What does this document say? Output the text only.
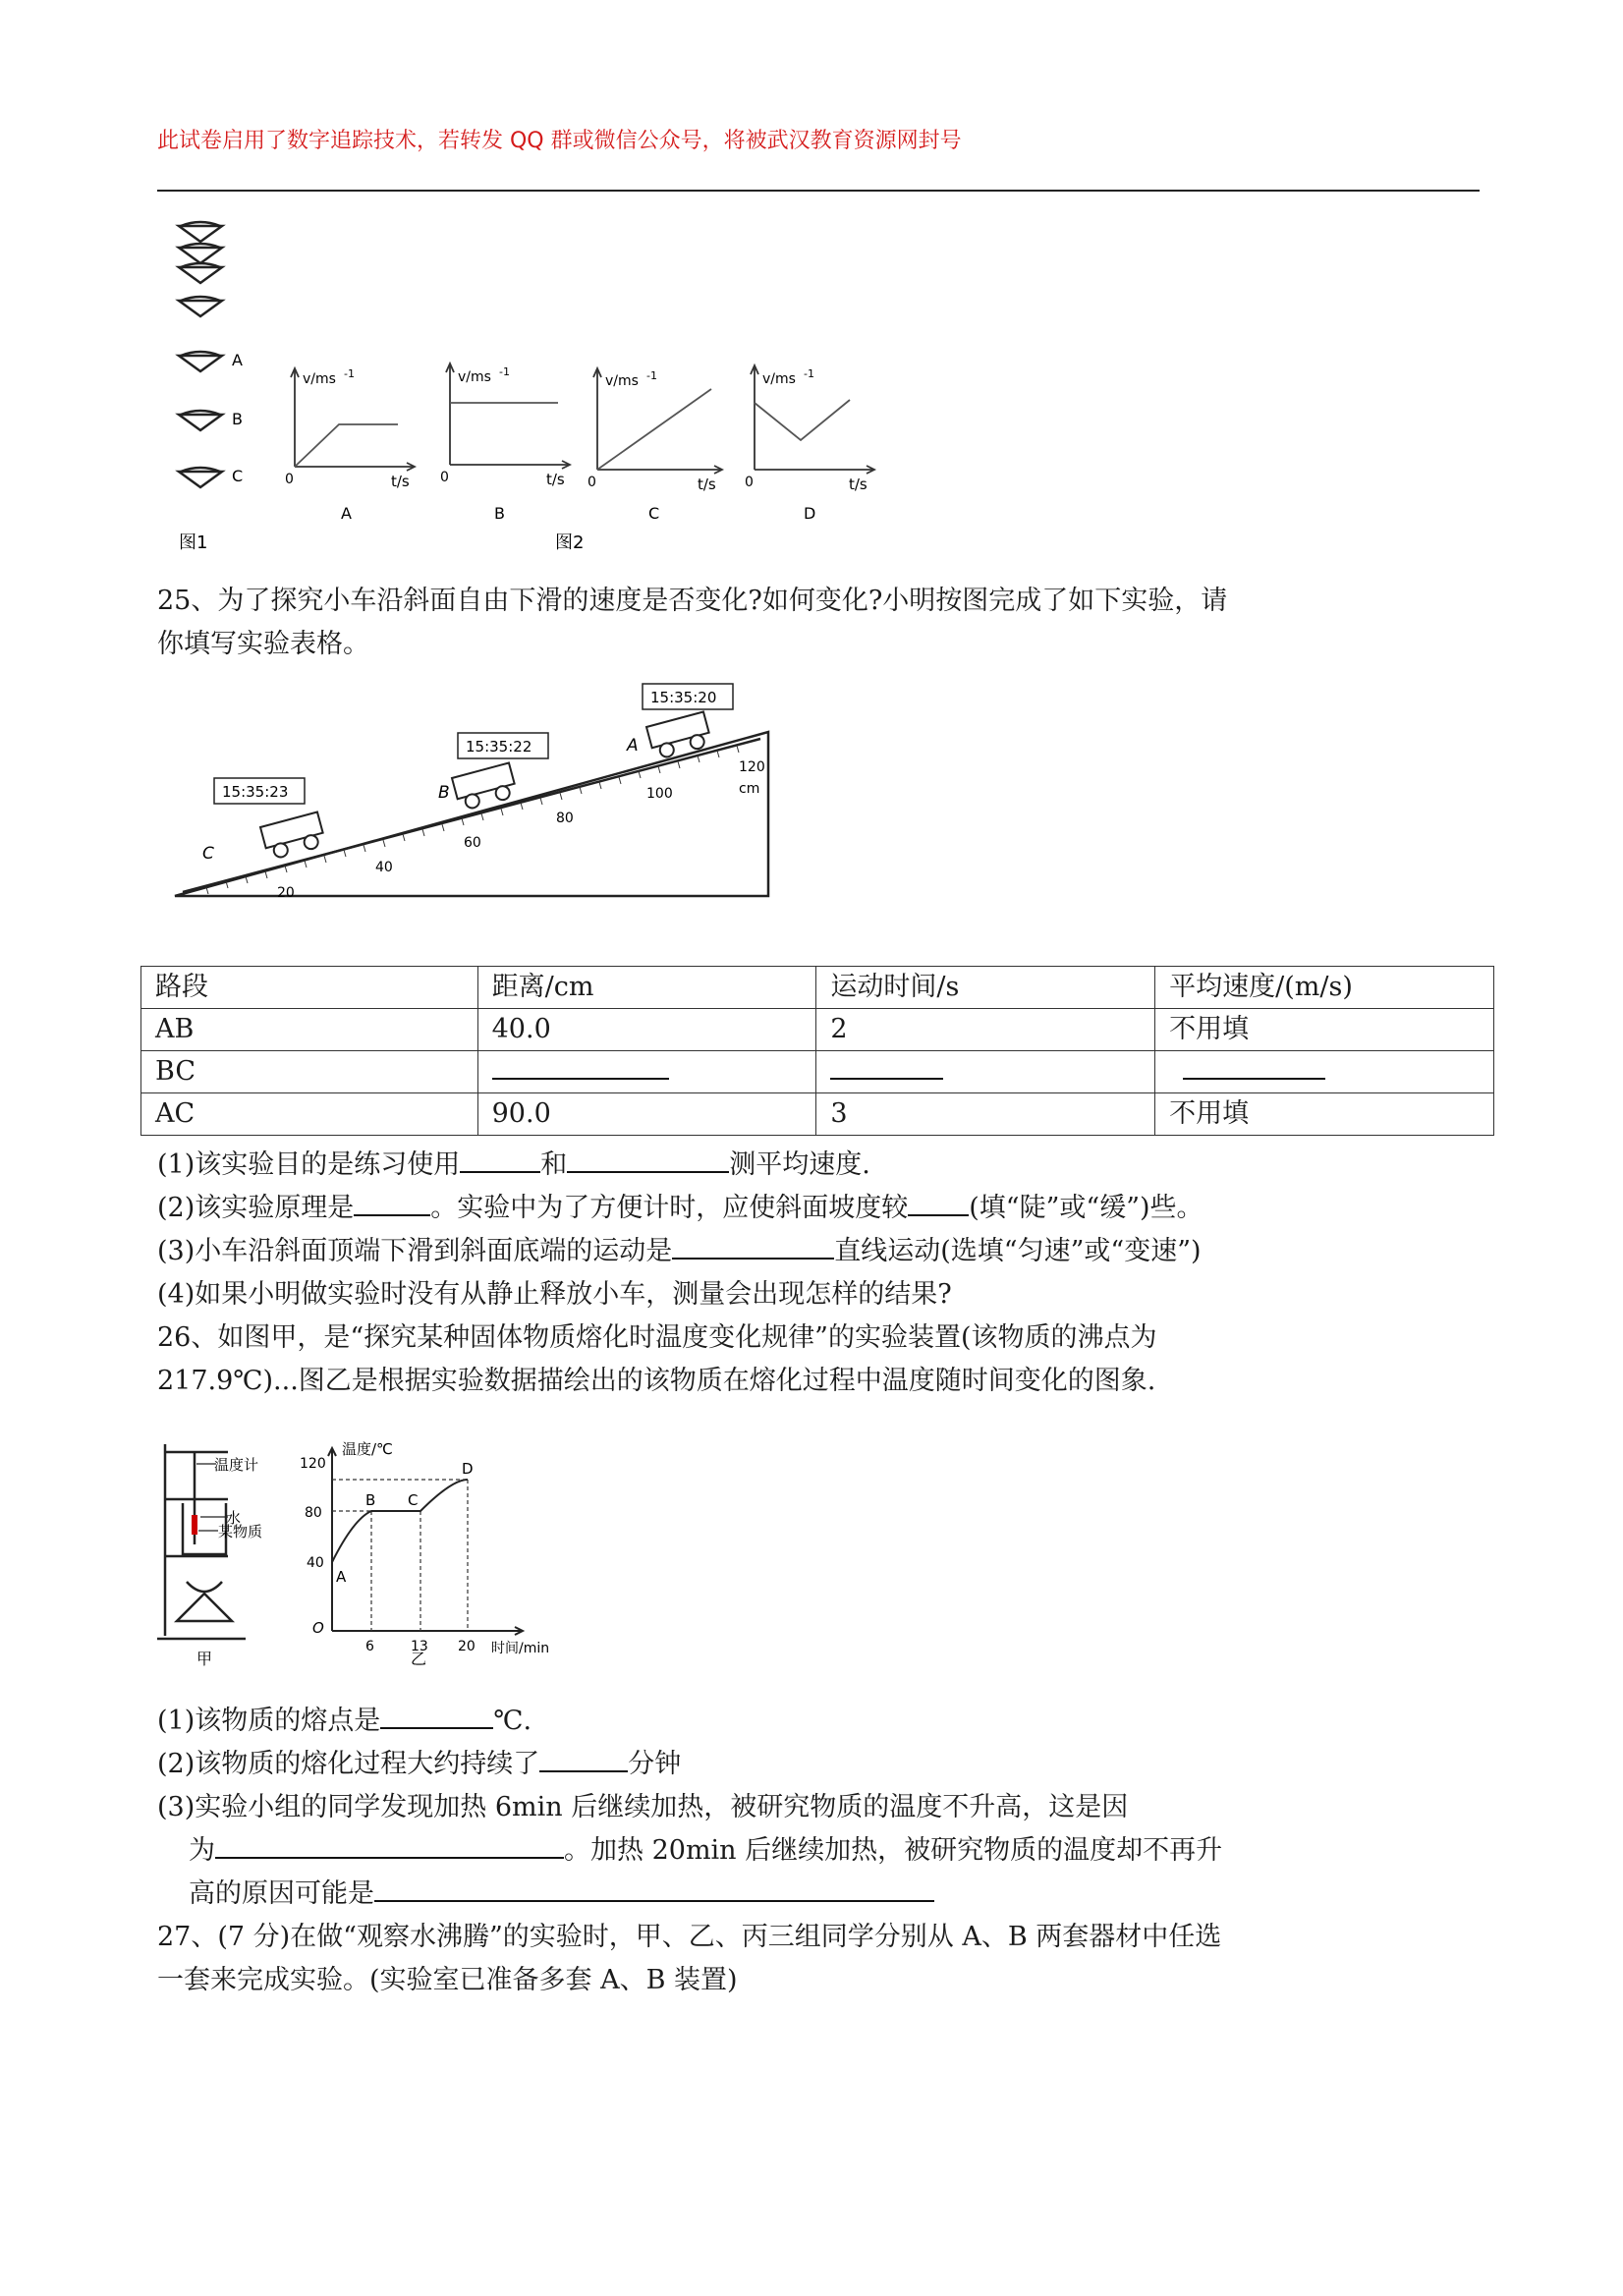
此试卷启用了数字追踪技术，若转发 QQ 群或微信公众号，将被武汉教育资源网封号
A
B
C
图1
v/ms -1
t/s
0
A
v/ms -1
t/s
0
B
v/ms -1
t/s
0
C
v/ms -1
t/s
0
D
图2
25、为了探究小车沿斜面自由下滑的速度是否变化?如何变化?小明按图完成了如下实验，请
你填写实验表格。
20
40
60
80
100
120
cm
C
15:35:23	B
15:35:22	A
15:35:20
路段	距离/cm	运动时间/s	平均速度/(m/s)
AB	40.0	2	不用填
BC			
AC	90.0	3	不用填
(1)该实验目的是练习使用	和	测平均速度.
(2)该实验原理是	。实验中为了方便计时，应使斜面坡度较 (填“陡”或“缓”)些。
(3)小车沿斜面顶端下滑到斜面底端的运动是	直线运动(选填“匀速”或“变速”)
(4)如果小明做实验时没有从静止释放小车，测量会出现怎样的结果?
26、如图甲，是“探究某种固体物质熔化时温度变化规律”的实验装置(该物质的沸点为
217.9℃)...图乙是根据实验数据描绘出的该物质在熔化过程中温度随时间变化的图象.
温度计
水
某物质
甲
温度/℃
40
80
120
O
6	13 20 时间/min
A
B C
D
乙
(1)该物质的熔点是	℃.
(2)该物质的熔化过程大约持续了	分钟
(3)实验小组的同学发现加热 6min 后继续加热，被研究物质的温度不升高，这是因
为	。加热 20min 后继续加热，被研究物质的温度却不再升
高的原因可能是
27、(7 分)在做“观察水沸腾”的实验时，甲、乙、丙三组同学分别从 A、B 两套器材中任选
一套来完成实验。(实验室已准备多套 A、B 装置)
